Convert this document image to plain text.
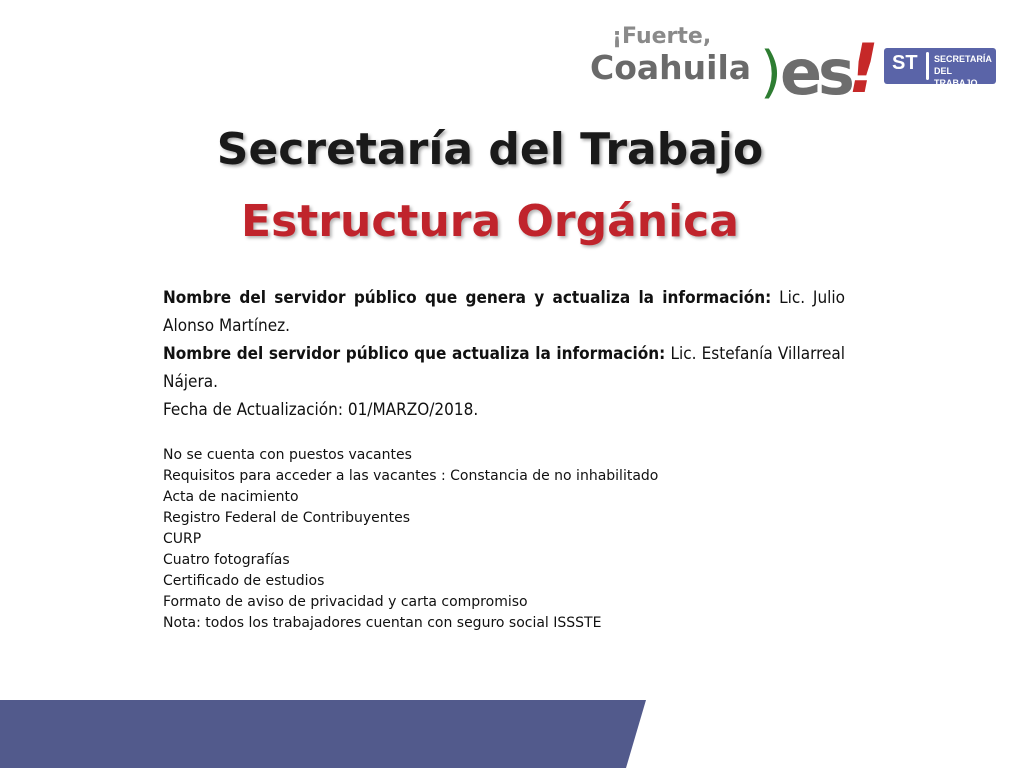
¡Fuerte,
Coahuila )
es
! ST SECRETARÍA
DEL TRABAJO
Secretaría del Trabajo
Estructura Orgánica

Nombre del servidor público que genera y actualiza la información: Lic. Julio Alonso Martínez.

Nombre del servidor público que actualiza la información: Lic. Estefanía Villarreal Nájera.

Fecha de Actualización: 01/MARZO/2018.

No se cuenta con puestos vacantes
Requisitos para acceder a las vacantes : Constancia de no inhabilitado
Acta de nacimiento
Registro Federal de Contribuyentes
CURP
Cuatro fotografías
Certificado de estudios
Formato de aviso de privacidad y carta compromiso
Nota: todos los trabajadores cuentan con seguro social ISSSTE
